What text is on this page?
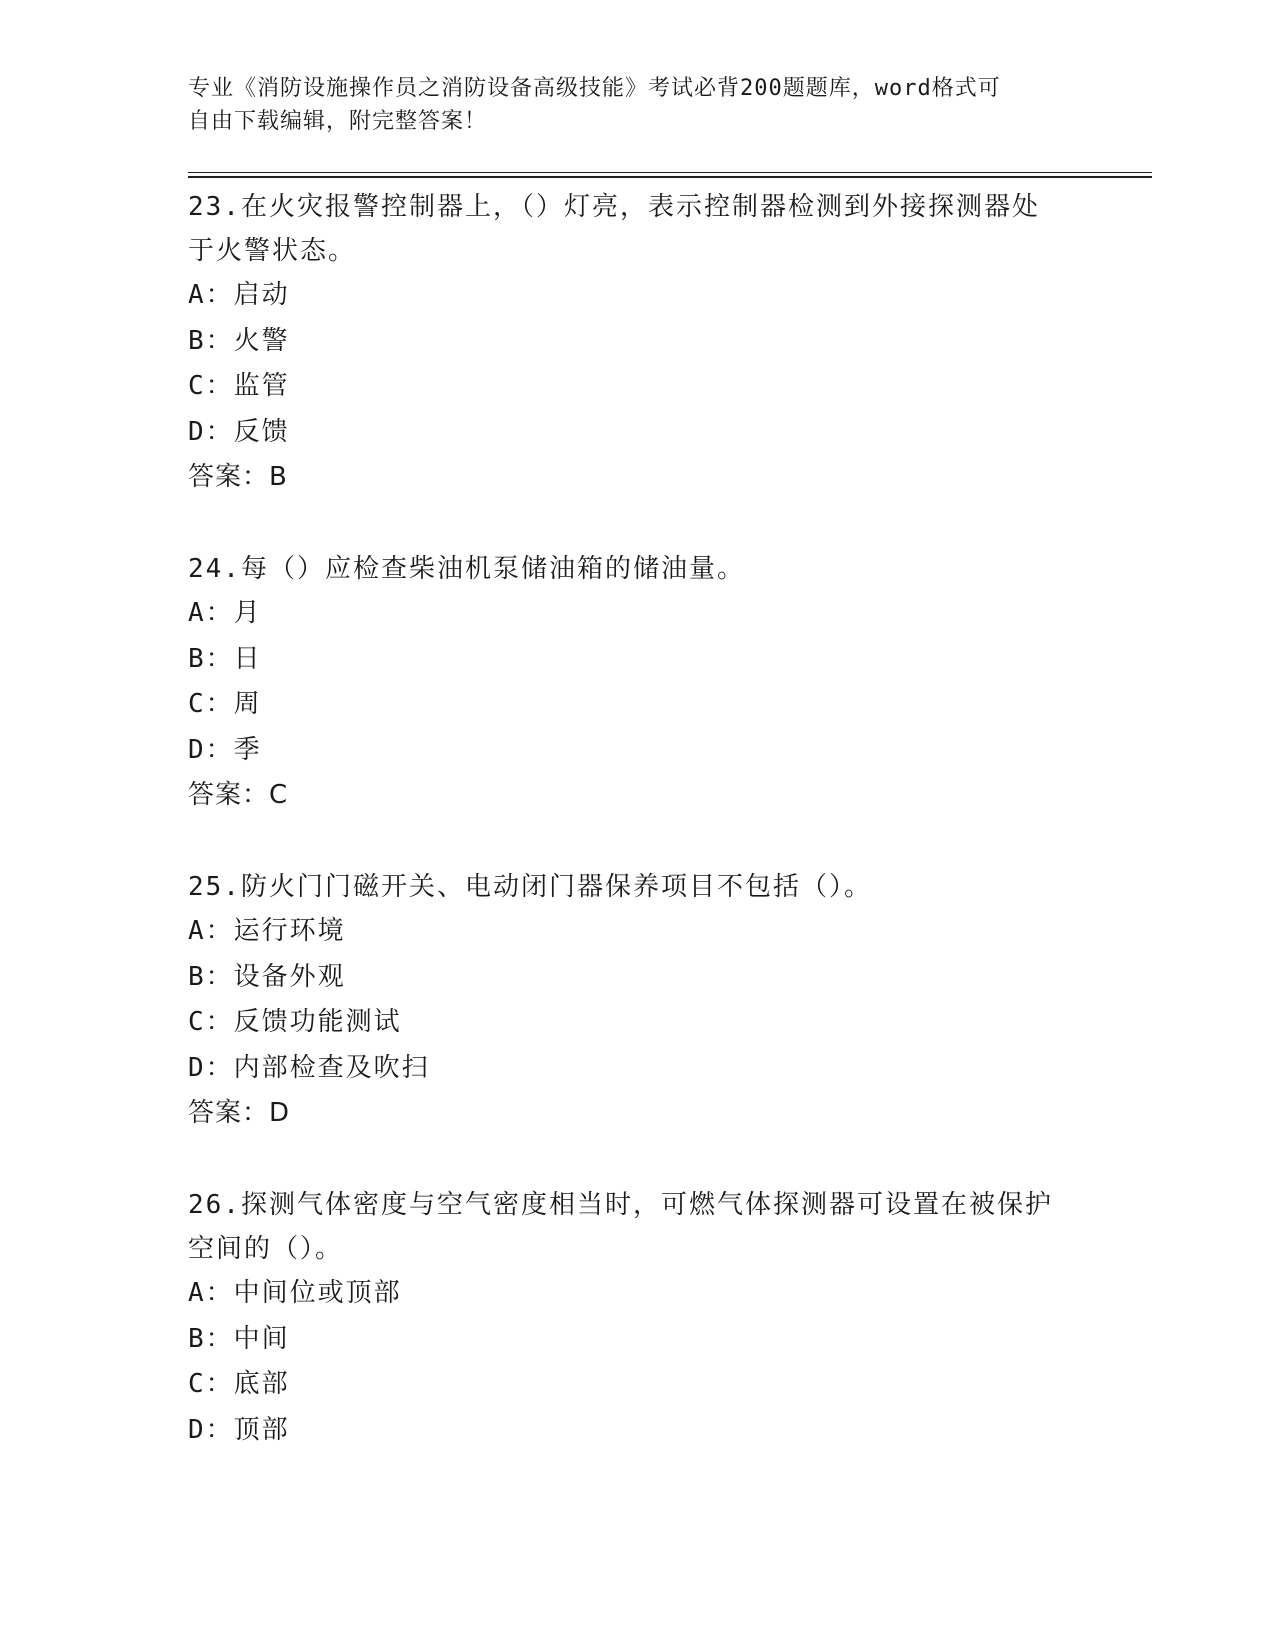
专业《消防设施操作员之消防设备高级技能》考试必背200题题库，word格式可
自由下载编辑，附完整答案！
23.在火灾报警控制器上，（）灯亮，表示控制器检测到外接探测器处
于火警状态。
A：启动
B：火警
C：监管
D：反馈
答案：B
24.每（）应检查柴油机泵储油箱的储油量。
A：月
B：日
C：周
D：季
答案：C
25.防火门门磁开关、电动闭门器保养项目不包括（）。
A：运行环境
B：设备外观
C：反馈功能测试
D：内部检查及吹扫
答案：D
26.探测气体密度与空气密度相当时，可燃气体探测器可设置在被保护
空间的（）。
A：中间位或顶部
B：中间
C：底部
D：顶部
